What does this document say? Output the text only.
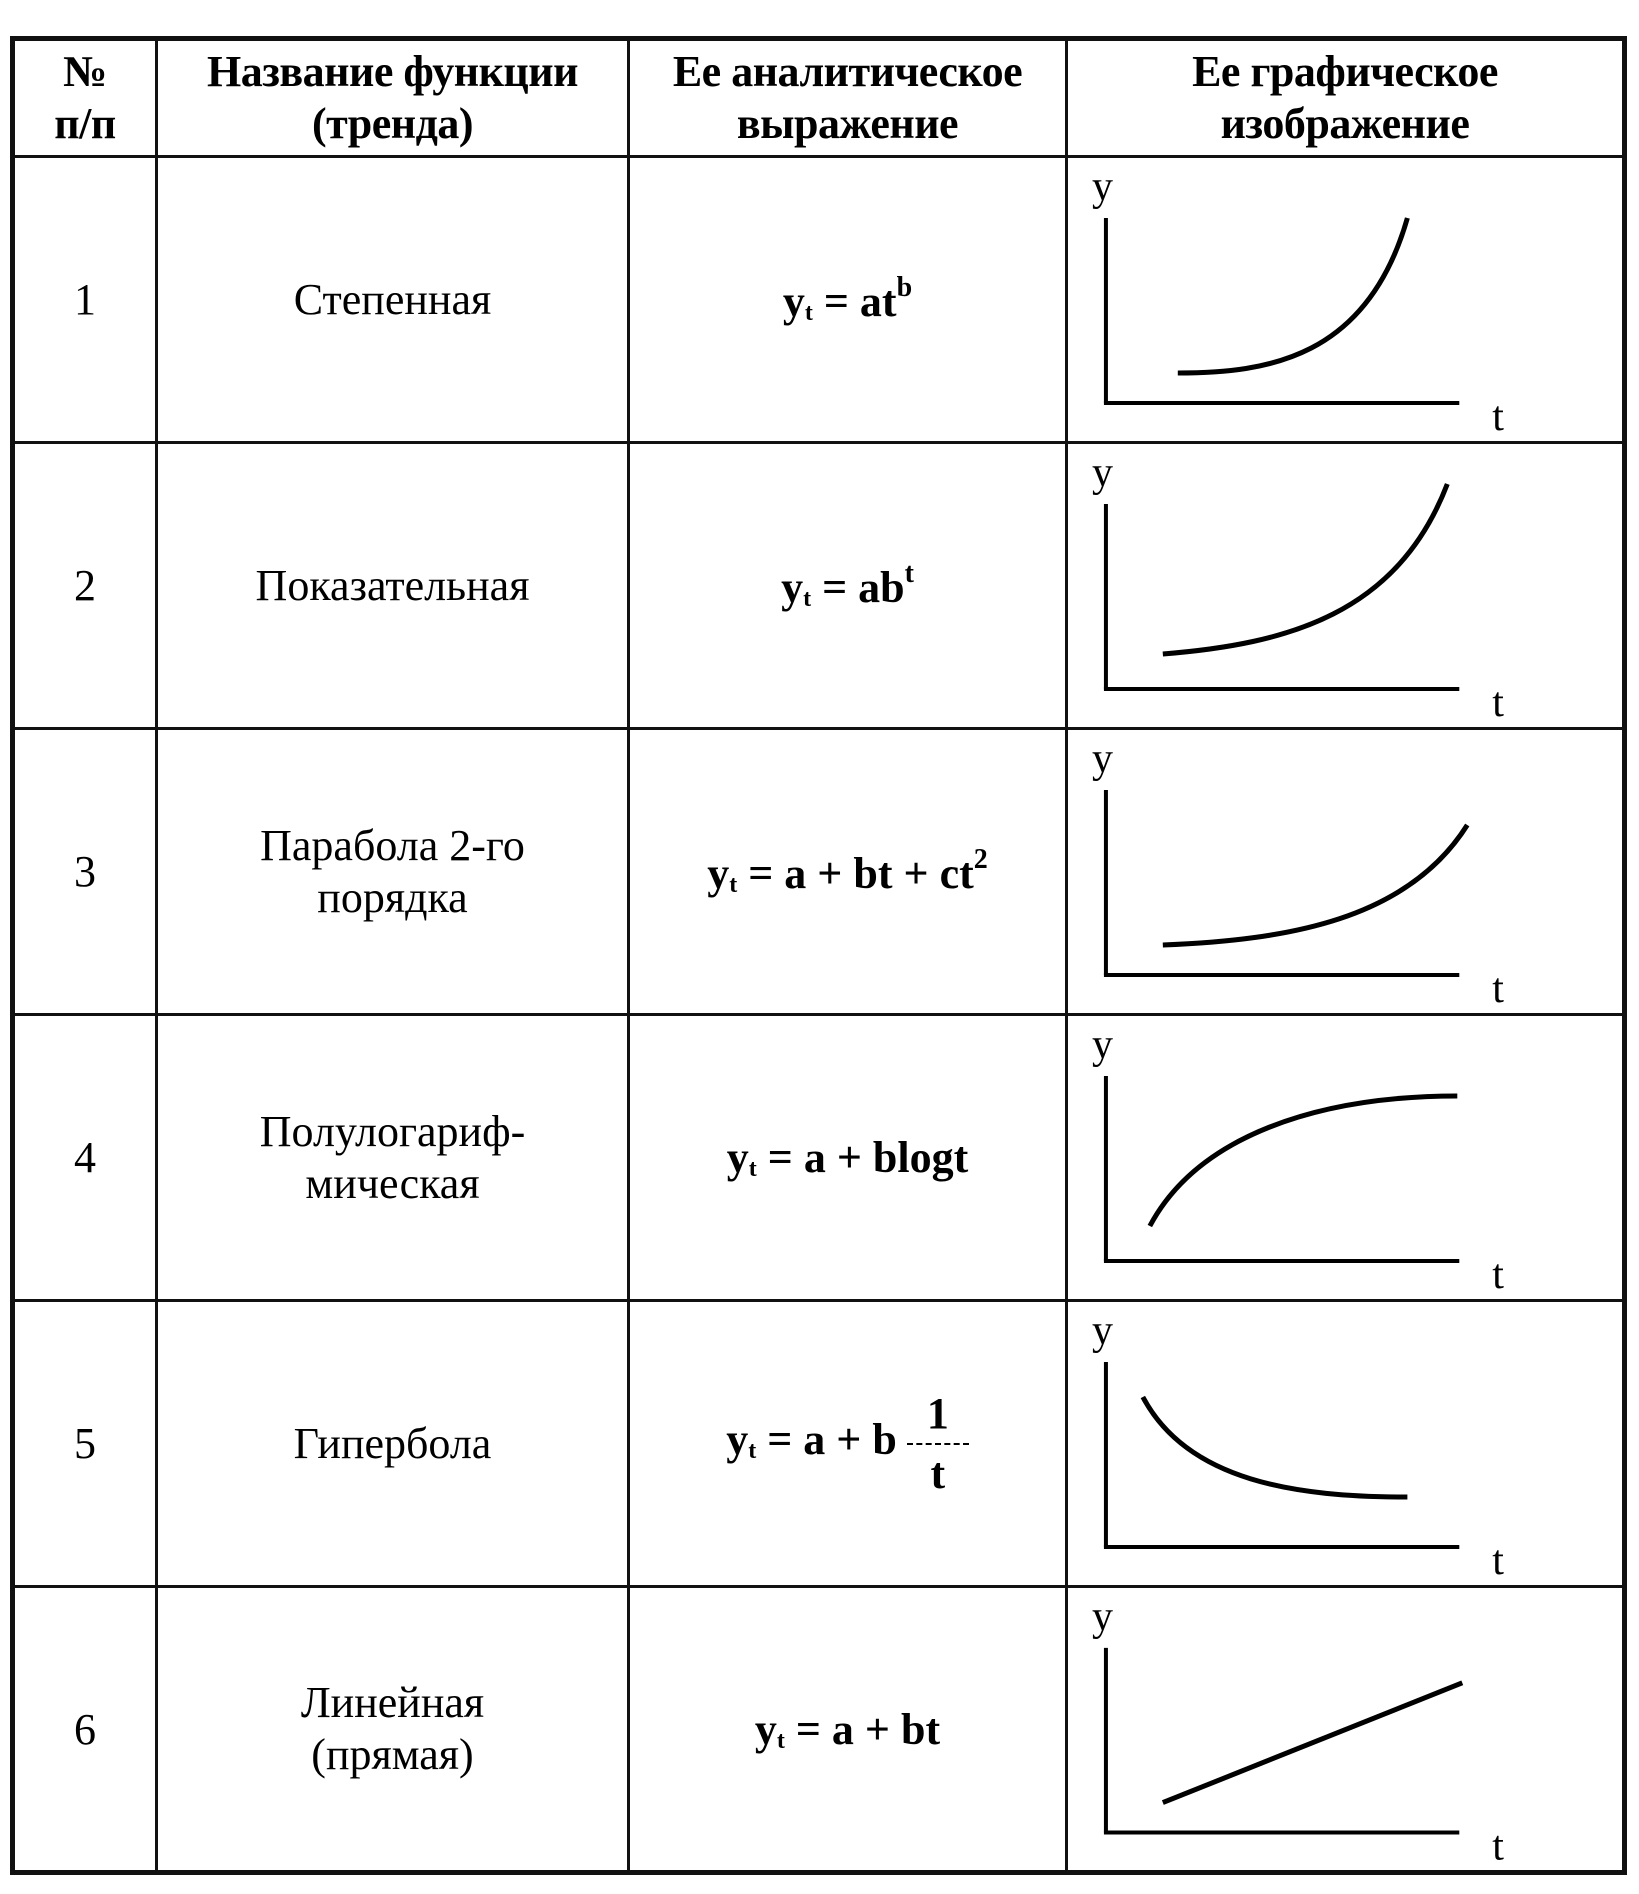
№ п/п	Название функции (тренда)	Ее аналитическое выражение	Ее графическое изображение
1	Степенная	$y_t = at^b$	y
t

2	Показательная	$y_t = ab^t$	y
t

3	Парабола 2-го порядка	$y_t = a$ + bt + $ct^2$	y
t

4	Полулогариф-мическая	$y_t = a + blogt$	y
t

5	Гипербола	$y_t = a + b \frac{1}{t}$	y
t

6	Линейная (прямая)	$y_t = a$ + bt	y
t
